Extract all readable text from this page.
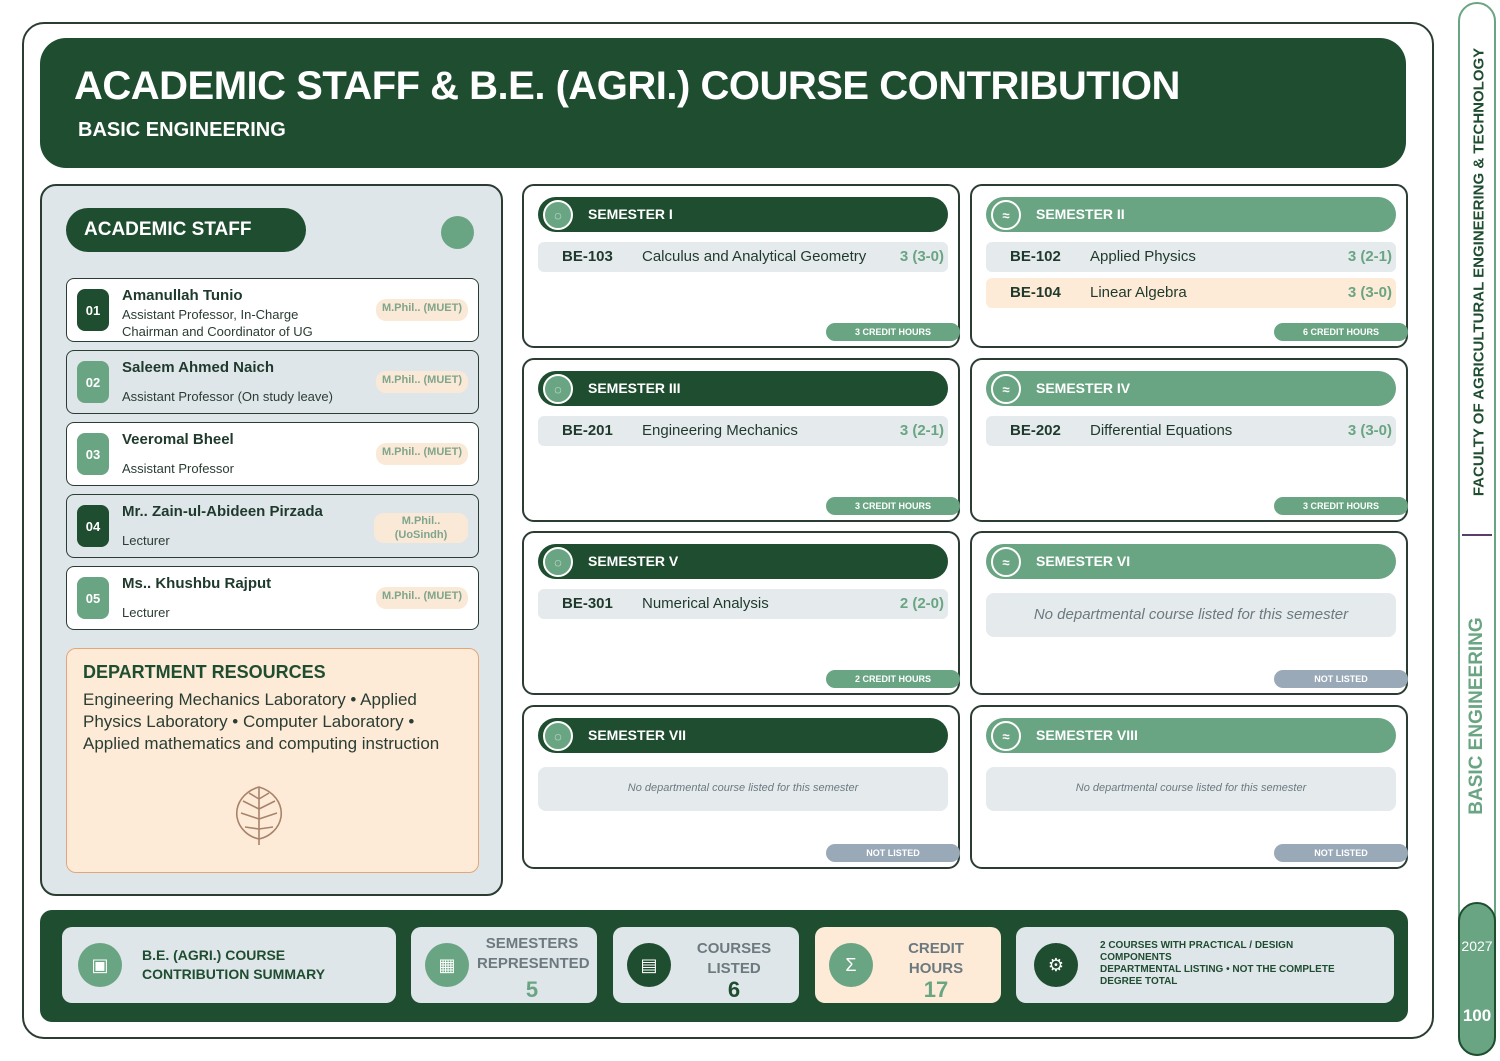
ACADEMIC STAFF & B.E. (AGRI.) COURSE CONTRIBUTION
BASIC ENGINEERING
ACADEMIC STAFF
01
Amanullah Tunio
Assistant Professor, In-Charge
Chairman and Coordinator of UG
M.Phil.. (MUET)
02
Saleem Ahmed Naich
Assistant Professor (On study leave)
M.Phil.. (MUET)
03
Veeromal Bheel
Assistant Professor
M.Phil.. (MUET)
04
Mr.. Zain-ul-Abideen Pirzada
Lecturer
M.Phil..
(UoSindh)
05
Ms.. Khushbu Rajput
Lecturer
M.Phil.. (MUET)
DEPARTMENT RESOURCES

Engineering Mechanics Laboratory • Applied Physics Laboratory • Computer Laboratory • Applied mathematics and computing instruction

◌	SEMESTER I
BE-103 Calculus and Analytical Geometry 3 (3-0)
3 CREDIT HOURS
≈	SEMESTER II
BE-102 Applied Physics	3 (2-1)
BE-104 Linear Algebra	3 (3-0)
6 CREDIT HOURS
◌	SEMESTER III
BE-201 Engineering Mechanics	3 (2-1)
3 CREDIT HOURS
≈	SEMESTER IV
BE-202 Differential Equations	3 (3-0)
3 CREDIT HOURS
◌	SEMESTER V
BE-301 Numerical Analysis	2 (2-0)
2 CREDIT HOURS
≈	SEMESTER VI
No departmental course listed for this semester
NOT LISTED
◌	SEMESTER VII
No departmental course listed for this semester
NOT LISTED
≈	SEMESTER VIII
No departmental course listed for this semester
NOT LISTED
▣	B.E. (AGRI.) COURSE
CONTRIBUTION SUMMARY	▦
SEMESTERS
REPRESENTED
5
▤
COURSES
LISTED
6
Σ
CREDIT
HOURS
17
⚙
2 COURSES WITH PRACTICAL / DESIGN COMPONENTS
DEPARTMENTAL LISTING • NOT THE COMPLETE DEGREE TOTAL
FACULTY OF AGRICULTURAL ENGINEERING & TECHNOLOGY
BASIC ENGINEERING
2027
100
